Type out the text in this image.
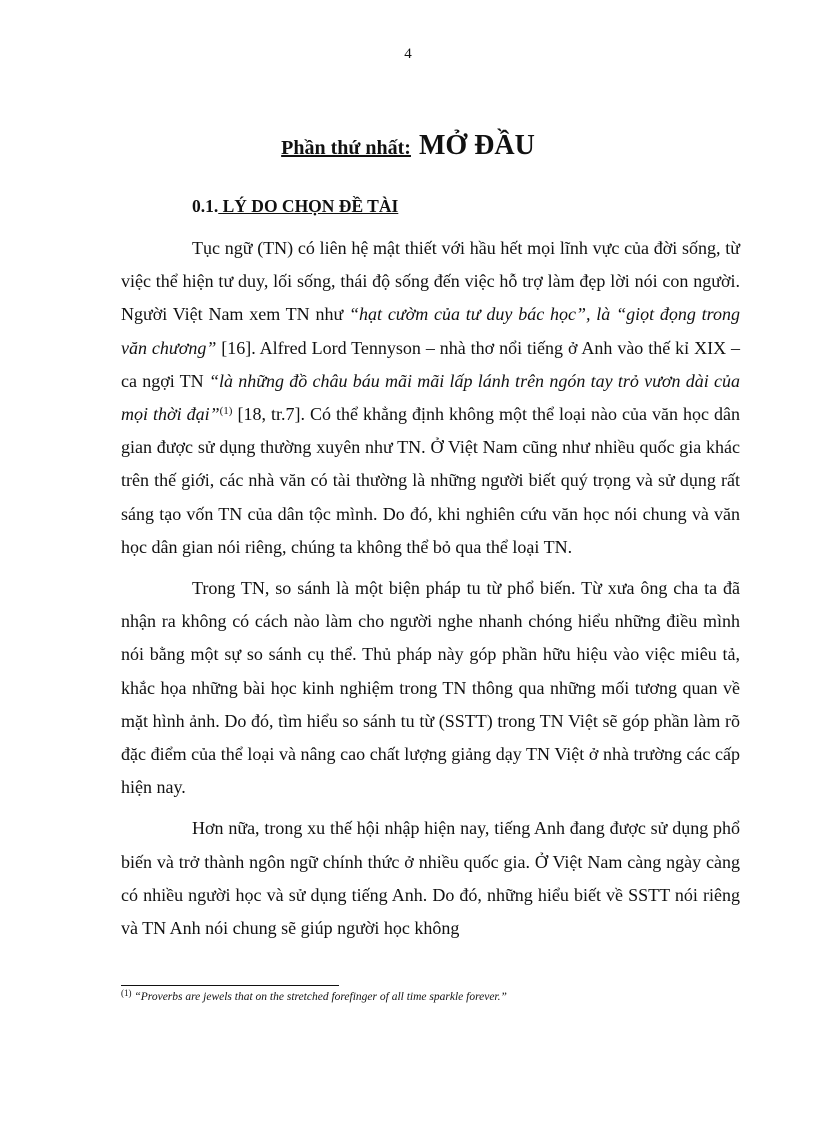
4
Phần thứ nhất: MỞ ĐẦU
0.1. LÝ DO CHỌN ĐỀ TÀI

Tục ngữ (TN) có liên hệ mật thiết với hầu hết mọi lĩnh vực của đời sống, từ việc thể hiện tư duy, lối sống, thái độ sống đến việc hỗ trợ làm đẹp lời nói con người. Người Việt Nam xem TN như “hạt cườm của tư duy bác học”, là “giọt đọng trong văn chương” [16]. Alfred Lord Tennyson – nhà thơ nổi tiếng ở Anh vào thế kỉ XIX – ca ngợi TN “là những đồ châu báu mãi mãi lấp lánh trên ngón tay trỏ vươn dài của mọi thời đại”$^{(1)}$ [18, tr.7]. Có thể khẳng định không một thể loại nào của văn học dân gian được sử dụng thường xuyên như TN. Ở Việt Nam cũng như nhiều quốc gia khác trên thế giới, các nhà văn có tài thường là những người biết quý trọng và sử dụng rất sáng tạo vốn TN của dân tộc mình. Do đó, khi nghiên cứu văn học nói chung và văn học dân gian nói riêng, chúng ta không thể bỏ qua thể loại TN.

Trong TN, so sánh là một biện pháp tu từ phổ biến. Từ xưa ông cha ta đã nhận ra không có cách nào làm cho người nghe nhanh chóng hiểu những điều mình nói bằng một sự so sánh cụ thể. Thủ pháp này góp phần hữu hiệu vào việc miêu tả, khắc họa những bài học kinh nghiệm trong TN thông qua những mối tương quan về mặt hình ảnh. Do đó, tìm hiểu so sánh tu từ (SSTT) trong TN Việt sẽ góp phần làm rõ đặc điểm của thể loại và nâng cao chất lượng giảng dạy TN Việt ở nhà trường các cấp hiện nay.

Hơn nữa, trong xu thế hội nhập hiện nay, tiếng Anh đang được sử dụng phổ biến và trở thành ngôn ngữ chính thức ở nhiều quốc gia. Ở Việt Nam càng ngày càng có nhiều người học và sử dụng tiếng Anh. Do đó, những hiểu biết về SSTT nói riêng và TN Anh nói chung sẽ giúp người học không

$^{(1)}$ “Proverbs are jewels that on the stretched forefinger of all time sparkle forever.”
